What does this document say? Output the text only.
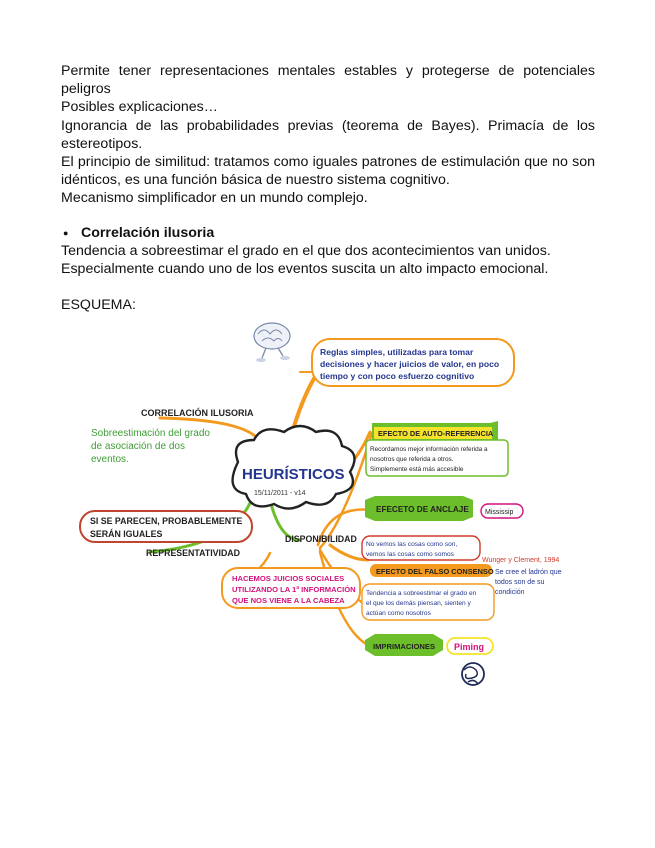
Permite tener representaciones mentales estables y protegerse de potenciales peligros

Posibles explicaciones…

Ignorancia de las probabilidades previas (teorema de Bayes). Primacía de los estereotipos.

El principio de similitud: tratamos como iguales patrones de estimulación que no son idénticos, es una función básica de nuestro sistema cognitivo.

Mecanismo simplificador en un mundo complejo.

● Correlación ilusoria

Tendencia a sobreestimar el grado en el que dos acontecimientos van unidos.

Especialmente cuando uno de los eventos suscita un alto impacto emocional.

ESQUEMA:

Reglas simples, utilizadas para tomar
decisiones y hacer juicios de valor, en poco
tiempo y con poco esfuerzo cognitivo
CORRELACIÓN ILUSORIA
Sobreestimación del grado
de asociación de dos
eventos.
HEURÍSTICOS
15/11/2011 - v14
SI SE PARECEN, PROBABLEMENTE
SERÁN IGUALES
REPRESENTATIVIDAD
DISPONIBILIDAD
HACEMOS JUICIOS SOCIALES
UTILIZANDO LA 1ª INFORMACIÓN
QUE NOS VIENE A LA CABEZA
EFECTO DE AUTO-REFERENCIA
Recordamos mejor información referida a
nosotros que referida a otros.
Simplemente está más accesible
EFECETO DE ANCLAJE Mississip
No vemos las cosas como son,
vemos las cosas como somos
Wunger y Clement, 1994
EFECTO DEL FALSO CONSENSO Se cree el ladrón que
todos son de su
condición
Tendencia a sobreestimar el grado en
el que los demás piensan, sienten y
actúan como nosotros
IMPRIMACIONES Piming
